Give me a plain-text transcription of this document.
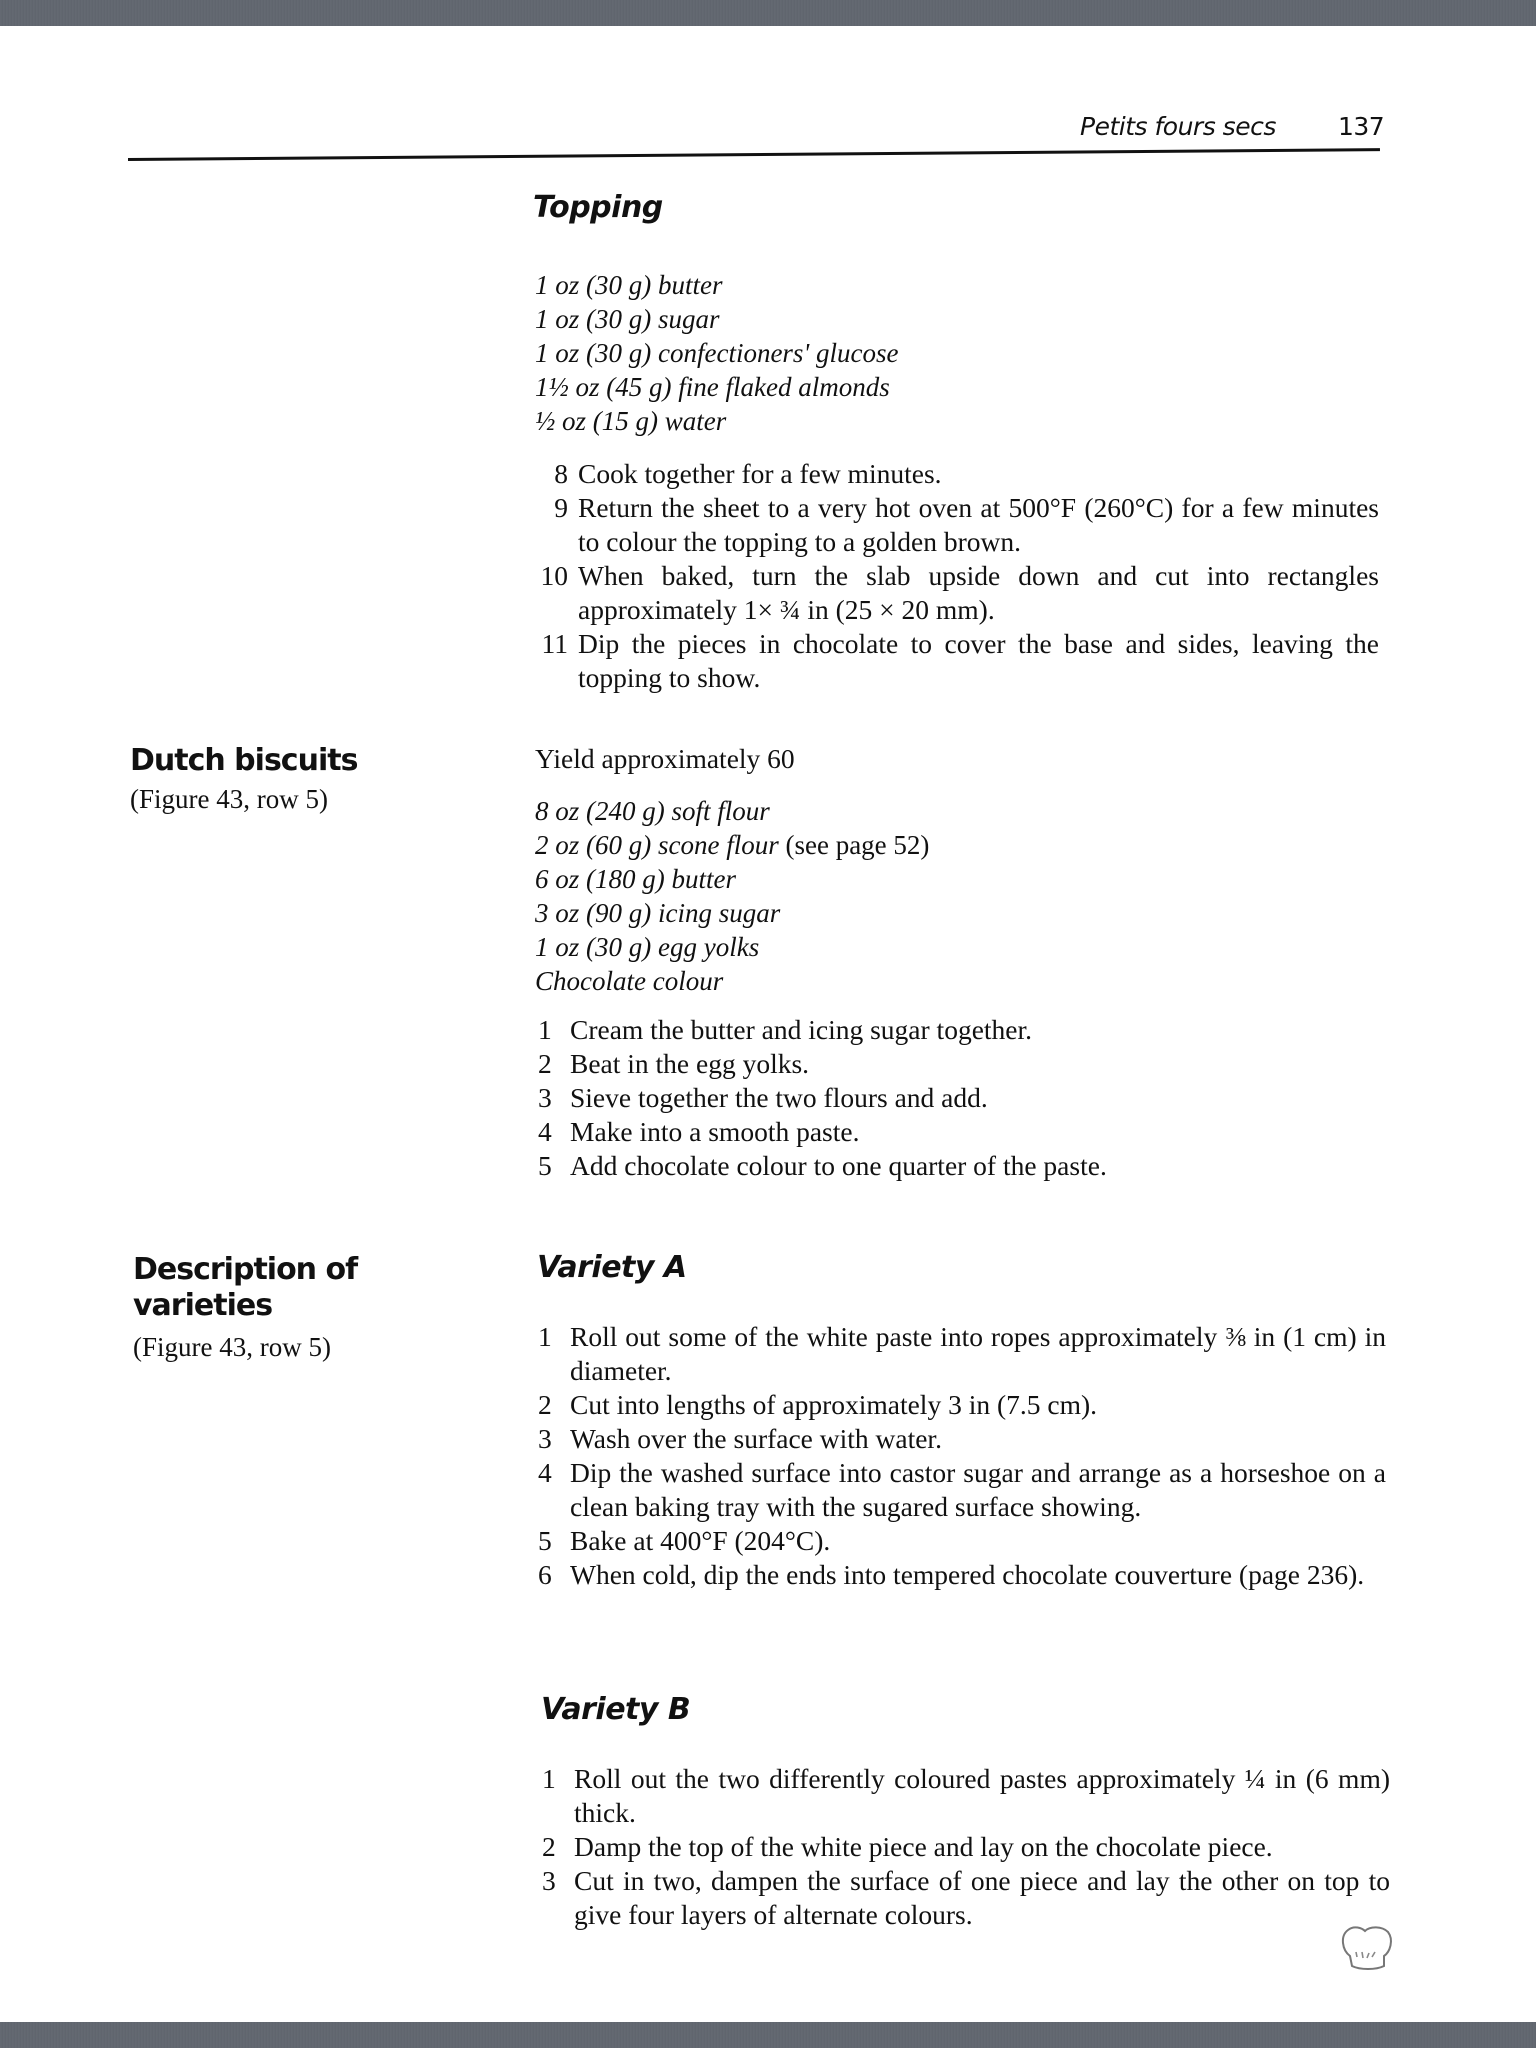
Petits fours secs 137

Topping
1 oz (30 g) butter
1 oz (30 g) sugar
1 oz (30 g) confectioners' glucose
1½ oz (45 g) fine flaked almonds
½ oz (15 g) water
8 Cook together for a few minutes.
9 Return the sheet to a very hot oven at 500°F (260°C) for a few minutes to colour the topping to a golden brown.
10 When baked, turn the slab upside down and cut into rectangles approximately 1× ¾ in (25 × 20 mm).
11 Dip the pieces in chocolate to cover the base and sides, leaving the topping to show.
Dutch biscuits

(Figure 43, row 5)

Yield approximately 60

8 oz (240 g) soft flour
2 oz (60 g) scone flour (see page 52)
6 oz (180 g) butter
3 oz (90 g) icing sugar
1 oz (30 g) egg yolks
Chocolate colour
1 Cream the butter and icing sugar together.
2 Beat in the egg yolks.
3 Sieve together the two flours and add.
4 Make into a smooth paste.
5 Add chocolate colour to one quarter of the paste.
Description of
varieties

(Figure 43, row 5)

Variety A
1 Roll out some of the white paste into ropes approximately ⅜ in (1 cm) in diameter.
2 Cut into lengths of approximately 3 in (7.5 cm).
3 Wash over the surface with water.
4 Dip the washed surface into castor sugar and arrange as a horseshoe on a clean baking tray with the sugared surface showing.
5 Bake at 400°F (204°C).
6 When cold, dip the ends into tempered chocolate couverture (page 236).
Variety B
1 Roll out the two differently coloured pastes approximately ¼ in (6 mm) thick.
2 Damp the top of the white piece and lay on the chocolate piece.
3 Cut in two, dampen the surface of one piece and lay the other on top to give four layers of alternate colours.
